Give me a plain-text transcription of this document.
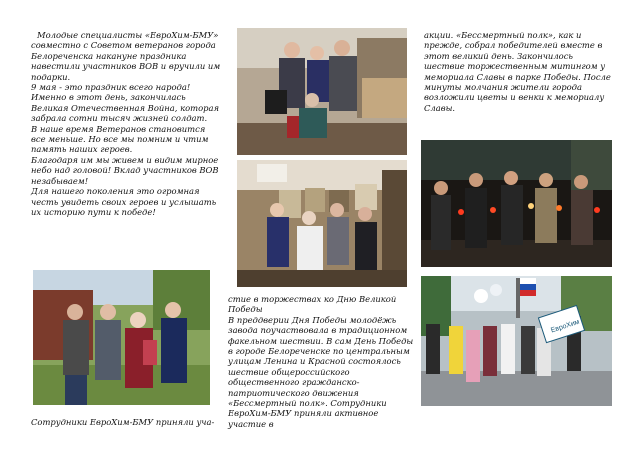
Молодые специалисты «ЕвроХим-БМУ» совместно с Советом ветеранов города Белореченска накануне праздника навестили участников ВОВ и вручили им подарки.

9 мая - это праздник всего народа! Именно в этот день, закончилась Великая Отечественная Война, которая забрала сотни тысяч жизней солдат.

В наше время Ветеранов становится все меньше. Но все мы помним и чтим память наших героев.

Благодаря им мы живем и видим мирное небо над головой! Вклад участников ВОВ незабываем!

Для нашего поколения это огромная честь увидеть своих героев и услышать их историю пути к победе!

Сотрудники ЕвроХим-БМУ приняли уча-

стие в торжествах ко Дню Великой Победы

В преддверии Дня Победы молодёжь завода поучаствовала в традиционном факельном шествии. В сам День Победы в городе Белореченске по центральным улицам Ленина и Красной состоялось шествие общероссийского общественного гражданско-патриотического движения «Бессмертный полк». Сотрудники ЕвроХим-БМУ приняли активное участие в

акции. «Бессмертный полк», как и прежде, собрал победителей вместе в этот великий день. Закончилось шествие торжественным митингом у мемориала Славы в парке Победы. После минуты молчания жители города возложили цветы и венки к мемориалу Славы.
ЕвроХим
